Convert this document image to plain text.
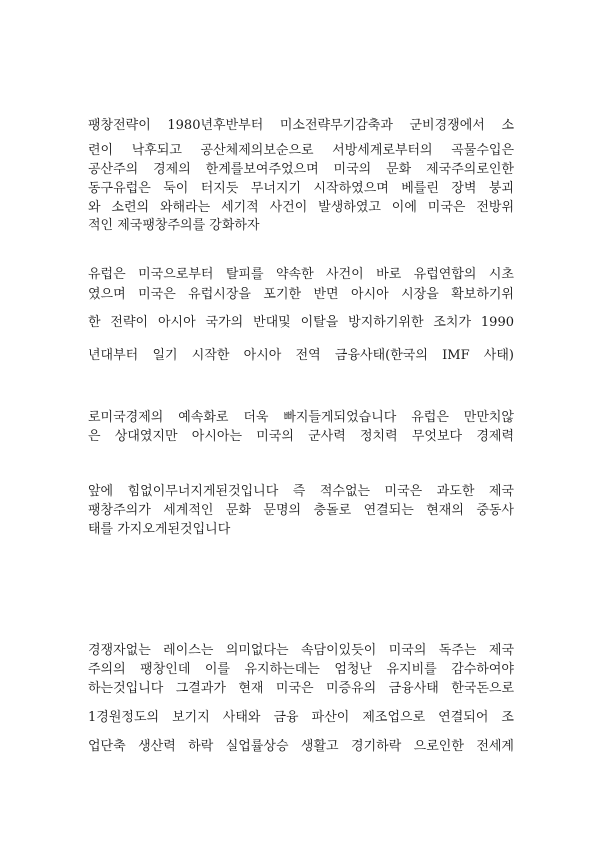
팽창전략이 1980년후반부터 미소전략무기감축과 군비경쟁에서 소
련이 낙후되고 공산체제의보순으로 서방세계로부터의 곡물수입은
공산주의 경제의 한계를보여주었으며 미국의 문화 제국주의로인한
동구유럽은 둑이 터지듯 무너지기 시작하였으며 베를린 장벽 붕괴
와 소련의 와해라는 세기적 사건이 발생하였고 이에 미국은 전방위
적인 제국팽창주의를 강화하자
유럽은 미국으로부터 탈피를 약속한 사건이 바로 유럽연합의 시초
였으며 미국은 유럽시장을 포기한 반면 아시아 시장을 확보하기위
한 전략이 아시아 국가의 반대및 이탈을 방지하기위한 조치가 1990
년대부터 일기 시작한 아시아 전역 금융사태(한국의 IMF 사태)
로미국경제의 예속화로 더욱 빠지들게되었습니다 유럽은 만만치않
은 상대였지만 아시아는 미국의 군사력 정치력 무엇보다 경제력
앞에 힘없이무너지게된것입니다 즉 적수없는 미국은 과도한 제국
팽창주의가 세계적인 문화 문명의 충돌로 연결되는 현재의 중동사
태를 가지오게된것입니다
경쟁자없는 레이스는 의미없다는 속담이있듯이 미국의 독주는 제국
주의의 팽창인데 이를 유지하는데는 엄청난 유지비를 감수하여야
하는것입니다 그결과가 현재 미국은 미증유의 금융사태 한국돈으로
1경원정도의 보기지 사태와 금융 파산이 제조업으로 연결되어 조
업단축 생산력 하락 실업률상승 생활고 경기하락 으로인한 전세계
